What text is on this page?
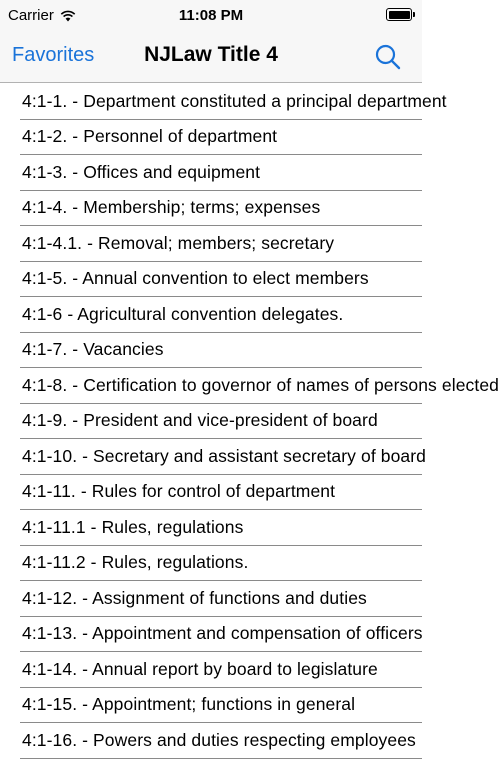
Carrier	11:08 PM
Favorites	NJLaw Title 4
4:1-1. - Department constituted a principal department
4:1-2. - Personnel of department
4:1-3. - Offices and equipment
4:1-4. - Membership; terms; expenses
4:1-4.1. - Removal; members; secretary
4:1-5. - Annual convention to elect members
4:1-6 - Agricultural convention delegates.
4:1-7. - Vacancies
4:1-8. - Certification to governor of names of persons elected
4:1-9. - President and vice-president of board
4:1-10. - Secretary and assistant secretary of board
4:1-11. - Rules for control of department
4:1-11.1 - Rules, regulations
4:1-11.2 - Rules, regulations.
4:1-12. - Assignment of functions and duties
4:1-13. - Appointment and compensation of officers
4:1-14. - Annual report by board to legislature
4:1-15. - Appointment; functions in general
4:1-16. - Powers and duties respecting employees
